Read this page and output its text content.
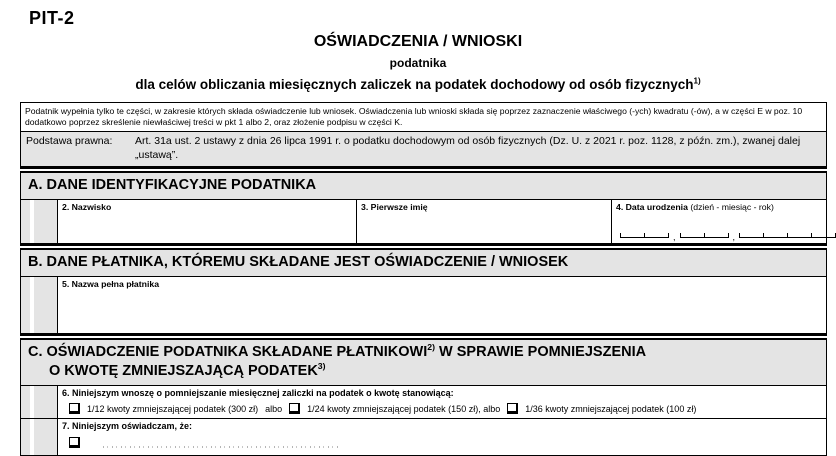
PIT-2
OŚWIADCZENIA / WNIOSKI
podatnika
dla celów obliczania miesięcznych zaliczek na podatek dochodowy od osób fizycznych$^{1)}$
Podatnik wypełnia tylko te części, w zakresie których składa oświadczenie lub wniosek. Oświadczenia lub wnioski składa się poprzez zaznaczenie właściwego (-ych) kwadratu (-ów), a w części E w poz. 10 dodatkowo poprzez skreślenie niewłaściwej treści w pkt 1 albo 2, oraz złożenie podpisu w części K.
Podstawa prawna:	Art. 31a ust. 2 ustawy z dnia 26 lipca 1991 r. o podatku dochodowym od osób fizycznych (Dz. U. z 2021 r. poz. 1128, z późn. zm.), zwanej dalej „ustawą”.
A. DANE IDENTYFIKACYJNE PODATNIKA
2. Nazwisko	3. Pierwsze imię	4. Data urodzenia (dzień - miesiąc - rok)
,	,
B. DANE PŁATNIKA, KTÓREMU SKŁADANE JEST OŚWIADCZENIE / WNIOSEK
5. Nazwa pełna płatnika
C. OŚWIADCZENIE PODATNIKA SKŁADANE PŁATNIKOWI$^{2)}$ W SPRAWIE POMNIEJSZENIA
O KWOTĘ ZMNIEJSZAJĄCĄ PODATEK$^{3)}$
6. Niniejszym wnoszę o pomniejszanie miesięcznej zaliczki na podatek o kwotę stanowiącą:
1/12 kwoty zmniejszającej podatek (300 zł) albo	1/24 kwoty zmniejszającej podatek (150 zł) , albo	1/36 kwoty zmniejszającej podatek (100 zł)
7. Niniejszym oświadczam, że:
